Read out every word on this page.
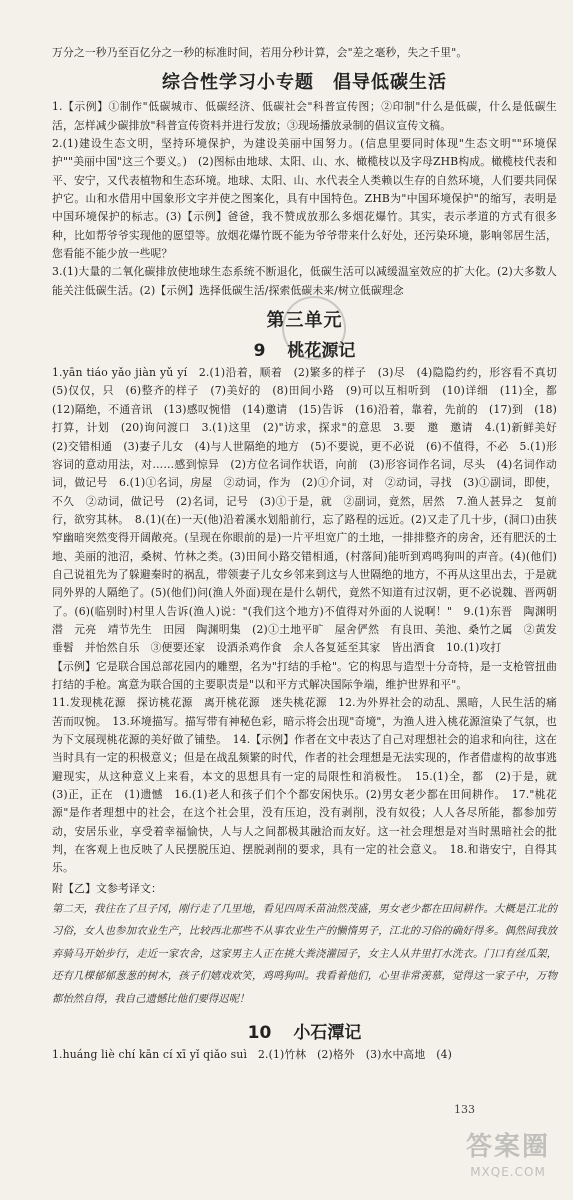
万分之一秒乃至百亿分之一秒的标准时间，若用分秒计算，会"差之毫秒，失之千里"。

综合性学习小专题　倡导低碳生活

1.【示例】①制作"低碳城市、低碳经济、低碳社会"科普宣传图；②印制"什么是低碳，什么是低碳生活，怎样减少碳排放"科普宣传资料并进行发放；③现场播放录制的倡议宣传文稿。

2.(1)建设生态文明，坚持环境保护，为建设美丽中国努力。(信息里要同时体现"生态文明""环境保护""美丽中国"这三个要义。)　(2)图标由地球、太阳、山、水、橄榄枝以及字母ZHB构成。橄榄枝代表和平、安宁，又代表植物和生态环境。地球、太阳、山、水代表全人类赖以生存的自然环境，人们要共同保护它。山和水借用中国象形文字并使之图案化，具有中国特色。ZHB为"中国环境保护"的缩写，表明是中国环境保护的标志。(3)【示例】爸爸，我不赞成放那么多烟花爆竹。其实，表示孝道的方式有很多种，比如帮爷爷实现他的愿望等。放烟花爆竹既不能为爷爷带来什么好处，还污染环境，影响邻居生活，您看能不能少放一些呢？

3.(1)大量的二氧化碳排放使地球生态系统不断退化，低碳生活可以减缓温室效应的扩大化。(2)大多数人能关注低碳生活。(2)【示例】选择低碳生活/探索低碳未来/树立低碳理念

第三单元
9 桃花源记

1.yān tiáo yǎo jiàn yǔ yí　2.(1)沿着，顺着　(2)繁多的样子　(3)尽　(4)隐隐约约，形容看不真切　(5)仅仅，只　(6)整齐的样子　(7)美好的　(8)田间小路　(9)可以互相听到　(10)详细　(11)全，都　(12)隔绝，不通音讯　(13)感叹惋惜　(14)邀请　(15)告诉　(16)沿着，靠着，先前的　(17)到　(18)打算，计划　(20)询问渡口　3.(1)这里　(2)"访求，探求"的意思　3.要　邀　邀请　4.(1)新鲜美好　(2)交错相通　(3)妻子儿女　(4)与人世隔绝的地方　(5)不要说，更不必说　(6)不值得，不必　5.(1)形容词的意动用法，对……感到惊异　(2)方位名词作状语，向前　(3)形容词作名词，尽头　(4)名词作动词，做记号　6.(1)①名词，房屋　②动词，作为　(2)①介词，对　②动词，寻找　(3)①副词，即使，不久　②动词，做记号　(2)名词，记号　(3)①于是，就　②副词，竟然，居然　7.渔人甚异之　复前行，欲穷其林。　8.(1)(在)一天(他)沿着溪水划船前行，忘了路程的远近。(2)又走了几十步，(洞口)由狭窄幽暗突然变得开阔敞亮。(呈现在你眼前的是)一片平坦宽广的土地，一排排整齐的房舍，还有肥沃的土地、美丽的池沼，桑树、竹林之类。(3)田间小路交错相通，(村落间)能听到鸡鸣狗叫的声音。(4)(他们)自己说祖先为了躲避秦时的祸乱，带领妻子儿女乡邻来到这与人世隔绝的地方，不再从这里出去，于是就同外界的人隔绝了。(5)(他们)问(渔人外面)现在是什么朝代，竟然不知道有过汉朝，更不必说魏、晋两朝了。(6)(临别时)村里人告诉(渔人)说："(我们这个地方)不值得对外面的人说啊！"　9.(1)东晋　陶渊明　潜　元亮　靖节先生　田园　陶渊明集　(2)①土地平旷　屋舍俨然　有良田、美池、桑竹之属　②黄发垂髫　并怡然自乐　③便要还家　设酒杀鸡作食　余人各复延至其家　皆出酒食　10.(1)攻打

【示例】它是联合国总部花园内的雕塑，名为"打结的手枪"。它的构思与造型十分奇特，是一支枪管扭曲打结的手枪。寓意为联合国的主要职责是"以和平方式解决国际争端，维护世界和平"。

11.发现桃花源　探访桃花源　离开桃花源　迷失桃花源　12.为外界社会的动乱、黑暗，人民生活的痛苦而叹惋。　13.环境描写。描写带有神秘色彩，暗示将会出现"奇境"，为渔人进入桃花源渲染了气氛，也为下文展现桃花源的美好做了铺垫。　14.【示例】作者在文中表达了自己对理想社会的追求和向往，这在当时具有一定的积极意义；但是在战乱频繁的时代，作者的社会理想是无法实现的，作者借虚构的故事逃避现实，从这种意义上来看，本文的思想具有一定的局限性和消极性。　15.(1)全，都　(2)于是，就　(3)正，正在　(1)遗憾　16.(1)老人和孩子们个个都安闲快乐。(2)男女老少都在田间耕作。　17."桃花源"是作者理想中的社会，在这个社会里，没有压迫，没有剥削，没有奴役；人人各尽所能，都参加劳动，安居乐业，享受着幸福愉快，人与人之间都极其融洽而友好。这一社会理想是对当时黑暗社会的批判，在客观上也反映了人民摆脱压迫、摆脱剥削的要求，具有一定的社会意义。　18.和谐安宁，自得其乐。

附【乙】文参考译文：

第二天，我往在了旦子冈，刚行走了几里地，看见四周禾苗油然茂盛，男女老少都在田间耕作。大概是江北的习俗，女人也参加农业生产，比较西北那些不从事农业生产的懒惰男子，江北的习俗的确好得多。偶然间我放弃骑马开始步行，走近一家农舍，这家男主人正在挑大粪浇灌园子，女主人从井里打水洗衣。门口有丝瓜架，还有几棵郁郁葱葱的树木，孩子们嬉戏欢笑，鸡鸣狗叫。我看着他们，心里非常羡慕，觉得这一家子中，万物都怡然自得，我自己遗憾比他们要得迟呢！

10 小石潭记

1.huáng liè chí kān cí xī yǐ qiǎo suì　2.(1)竹林　(2)格外　(3)水中高地　(4)

133
答案圈
MXQE.COM
